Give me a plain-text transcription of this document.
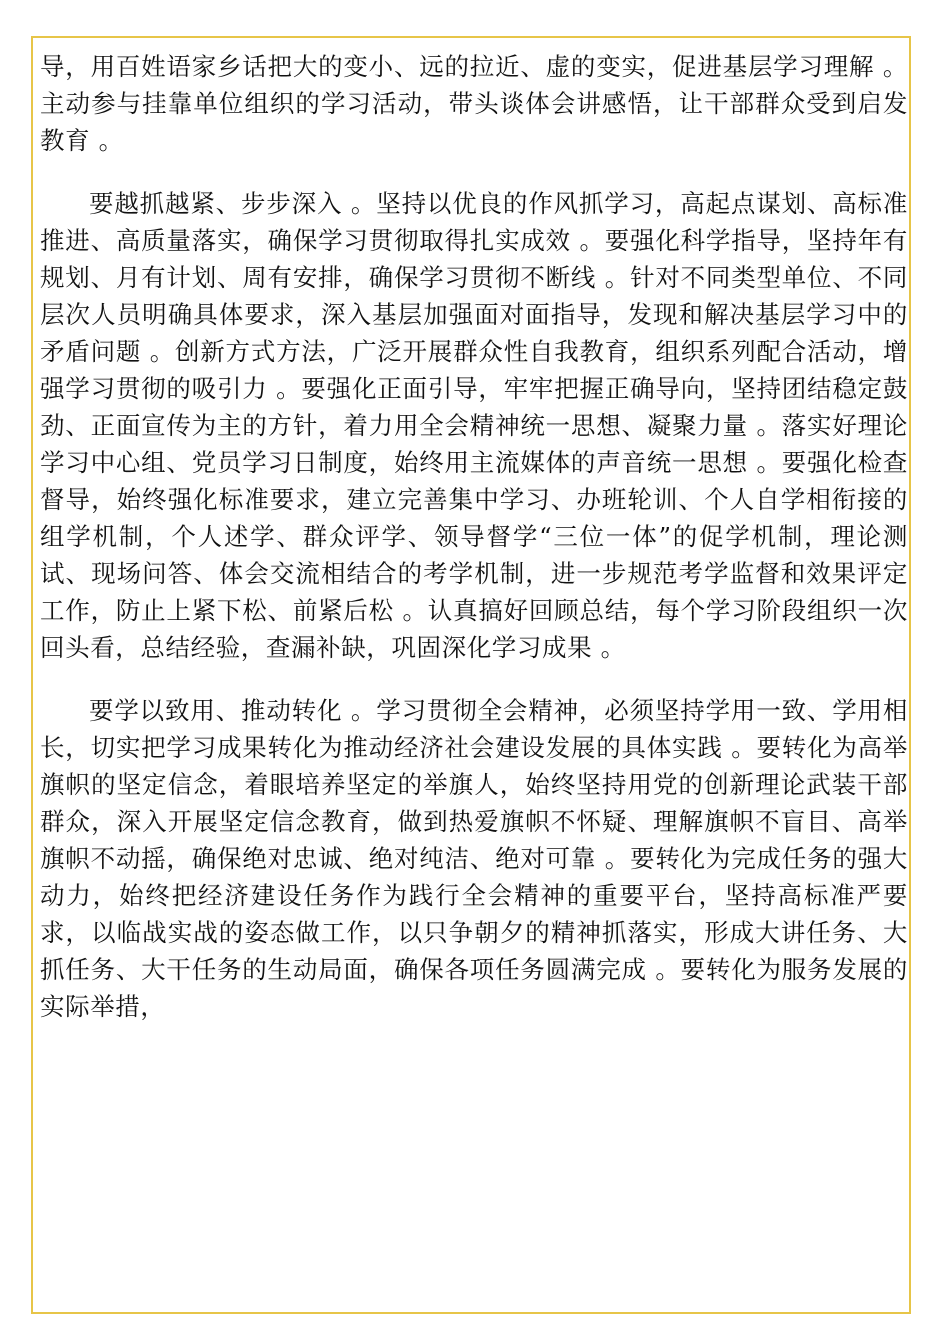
导，用百姓语家乡话把大的变小、远的拉近、虚的变实，促进基层学习理解 。主动参与挂靠单位组织的学习活动，带头谈体会讲感悟，让干部群众受到启发教育 。

要越抓越紧、步步深入 。坚持以优良的作风抓学习，高起点谋划、高标准推进、高质量落实，确保学习贯彻取得扎实成效 。要强化科学指导，坚持年有规划、月有计划、周有安排，确保学习贯彻不断线 。针对不同类型单位、不同层次人员明确具体要求，深入基层加强面对面指导，发现和解决基层学习中的矛盾问题 。创新方式方法，广泛开展群众性自我教育，组织系列配合活动，增强学习贯彻的吸引力 。要强化正面引导，牢牢把握正确导向，坚持团结稳定鼓劲、正面宣传为主的方针，着力用全会精神统一思想、凝聚力量 。落实好理论学习中心组、党员学习日制度，始终用主流媒体的声音统一思想 。要强化检查督导，始终强化标准要求，建立完善集中学习、办班轮训、个人自学相衔接的组学机制，个人述学、群众评学、领导督学“三位一体”的促学机制，理论测试、现场问答、体会交流相结合的考学机制，进一步规范考学监督和效果评定工作，防止上紧下松、前紧后松 。认真搞好回顾总结，每个学习阶段组织一次回头看，总结经验，查漏补缺，巩固深化学习成果 。

要学以致用、推动转化 。学习贯彻全会精神，必须坚持学用一致、学用相长，切实把学习成果转化为推动经济社会建设发展的具体实践 。要转化为高举旗帜的坚定信念，着眼培养坚定的举旗人，始终坚持用党的创新理论武装干部群众，深入开展坚定信念教育，做到热爱旗帜不怀疑、理解旗帜不盲目、高举旗帜不动摇，确保绝对忠诚、绝对纯洁、绝对可靠 。要转化为完成任务的强大动力，始终把经济建设任务作为践行全会精神的重要平台，坚持高标准严要求，以临战实战的姿态做工作，以只争朝夕的精神抓落实，形成大讲任务、大抓任务、大干任务的生动局面，确保各项任务圆满完成 。要转化为服务发展的实际举措，
